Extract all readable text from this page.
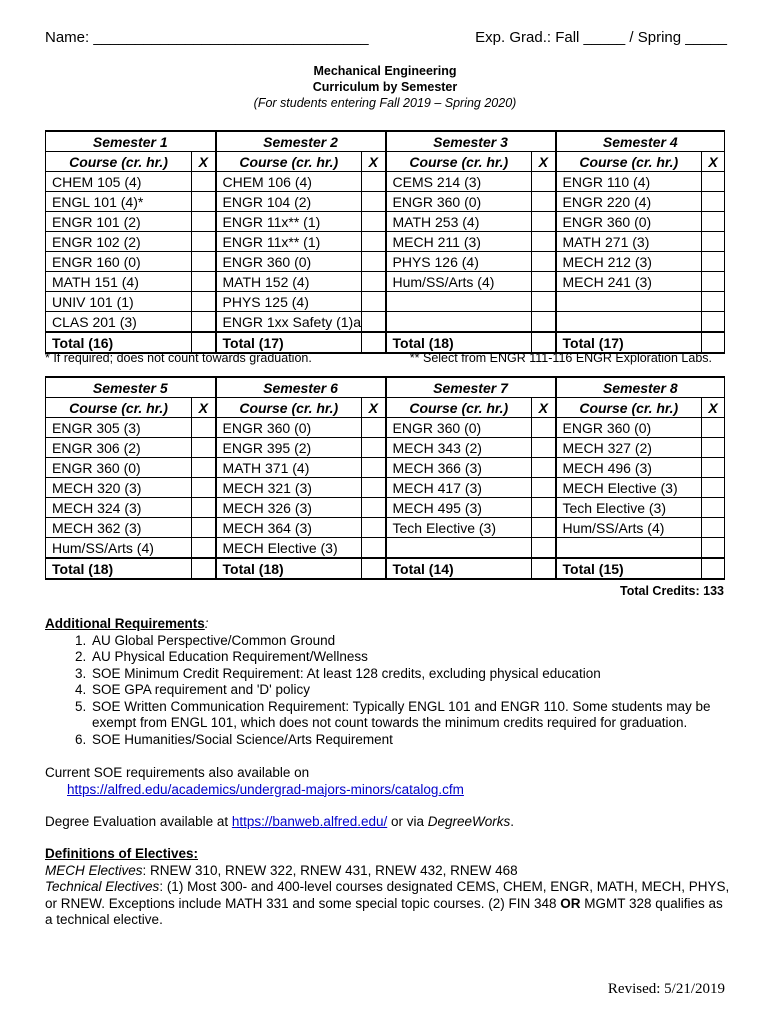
Name: _________________________________	Exp. Grad.: Fall _____ / Spring _____
Mechanical Engineering
Curriculum by Semester
(For students entering Fall 2019 – Spring 2020)
Semester 1		Semester 2		Semester 3		Semester 4	
Course (cr. hr.)	X	Course (cr. hr.)	X	Course (cr. hr.)	X	Course (cr. hr.)	X
CHEM 105 (4)		CHEM 106 (4)		CEMS 214 (3)		ENGR 110 (4)	
ENGL 101 (4)*		ENGR 104 (2)		ENGR 360 (0)		ENGR 220 (4)	
ENGR 101 (2)		ENGR 11x** (1)		MATH 253 (4)		ENGR 360 (0)	
ENGR 102 (2)		ENGR 11x** (1)		MECH 211 (3)		MATH 271 (3)	
ENGR 160 (0)		ENGR 360 (0)		PHYS 126 (4)		MECH 212 (3)	
MATH 151 (4)		MATH 152 (4)		Hum/SS/Arts (4)		MECH 241 (3)	
UNIV 101 (1)		PHYS 125 (4)					
CLAS 201 (3)		ENGR 1xx Safety (1)a					
Total (16)		Total (17)		Total (18)		Total (17)	
* If required; does not count towards graduation.	** Select from ENGR 111-116 ENGR Exploration Labs.
Semester 5		Semester 6		Semester 7		Semester 8	
Course (cr. hr.)	X	Course (cr. hr.)	X	Course (cr. hr.)	X	Course (cr. hr.)	X
ENGR 305 (3)		ENGR 360 (0)		ENGR 360 (0)		ENGR 360 (0)	
ENGR 306 (2)		ENGR 395 (2)		MECH 343 (2)		MECH 327 (2)	
ENGR 360 (0)		MATH 371 (4)		MECH 366 (3)		MECH 496 (3)	
MECH 320 (3)		MECH 321 (3)		MECH 417 (3)		MECH Elective (3)	
MECH 324 (3)		MECH 326 (3)		MECH 495 (3)		Tech Elective (3)	
MECH 362 (3)		MECH 364 (3)		Tech Elective (3)		Hum/SS/Arts (4)	
Hum/SS/Arts (4)		MECH Elective (3)					
Total (18)		Total (18)		Total (14)		Total (15)	
Total Credits: 133
Additional Requirements:
1. AU Global Perspective/Common Ground
2. AU Physical Education Requirement/Wellness
3. SOE Minimum Credit Requirement: At least 128 credits, excluding physical education
4. SOE GPA requirement and 'D' policy
5. SOE Written Communication Requirement: Typically ENGL 101 and ENGR 110. Some students may be exempt from ENGL 101, which does not count towards the minimum credits required for graduation.
6. SOE Humanities/Social Science/Arts Requirement
Current SOE requirements also available on
https://alfred.edu/academics/undergrad-majors-minors/catalog.cfm
Degree Evaluation available at https://banweb.alfred.edu/ or via DegreeWorks.
Definitions of Electives:
MECH Electives: RNEW 310, RNEW 322, RNEW 431, RNEW 432, RNEW 468
Technical Electives: (1) Most 300- and 400-level courses designated CEMS, CHEM, ENGR, MATH, MECH, PHYS, or RNEW. Exceptions include MATH 331 and some special topic courses. (2) FIN 348 OR MGMT 328 qualifies as a technical elective.
Revised: 5/21/2019
